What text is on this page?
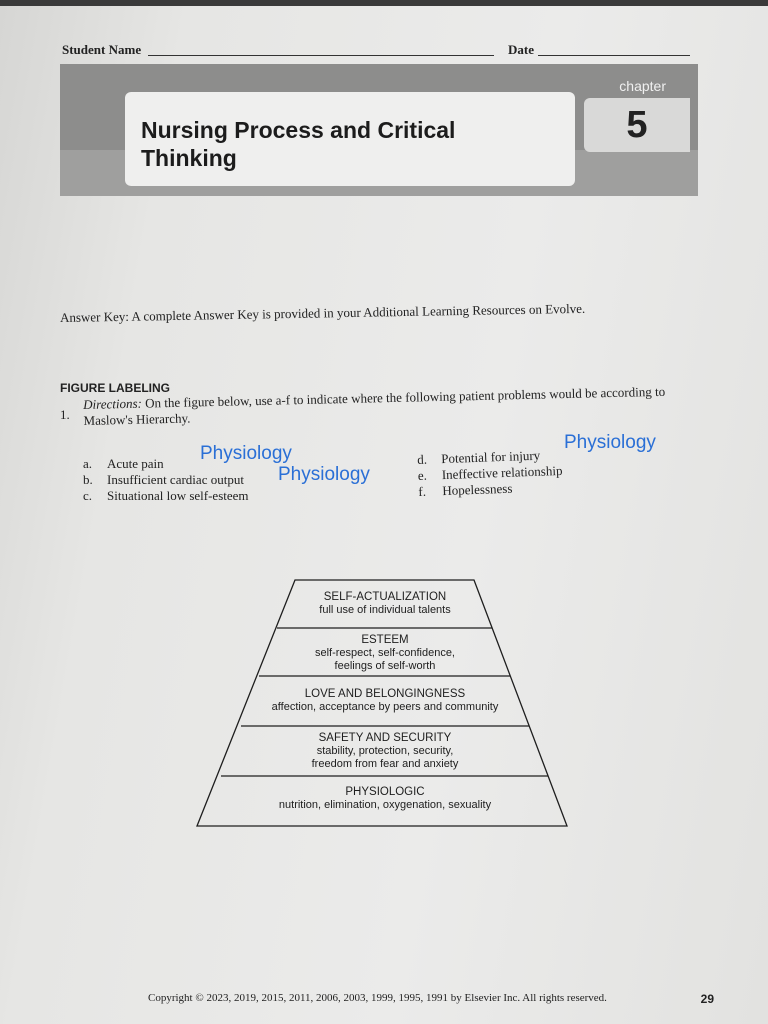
Student Name	Date
Nursing Process and Critical Thinking
chapter
5
Answer Key: A complete Answer Key is provided in your Additional Learning Resources on Evolve.
FIGURE LABELING
1.
Directions: On the figure below, use a-f to indicate where the following patient problems would be according to Maslow's Hierarchy.
a. Acute pain
b. Insufficient cardiac output
c. Situational low self-esteem
d. Potential for injury
e. Ineffective relationship
f. Hopelessness
Physiology
Physiology
Physiology
SELF-ACTUALIZATION
full use of individual talents
ESTEEM
self-respect, self-confidence,
feelings of self-worth
LOVE AND BELONGINGNESS
affection, acceptance by peers and community
SAFETY AND SECURITY
stability, protection, security,
freedom from fear and anxiety
PHYSIOLOGIC
nutrition, elimination, oxygenation, sexuality
Copyright © 2023, 2019, 2015, 2011, 2006, 2003, 1999, 1995, 1991 by Elsevier Inc. All rights reserved.	29
